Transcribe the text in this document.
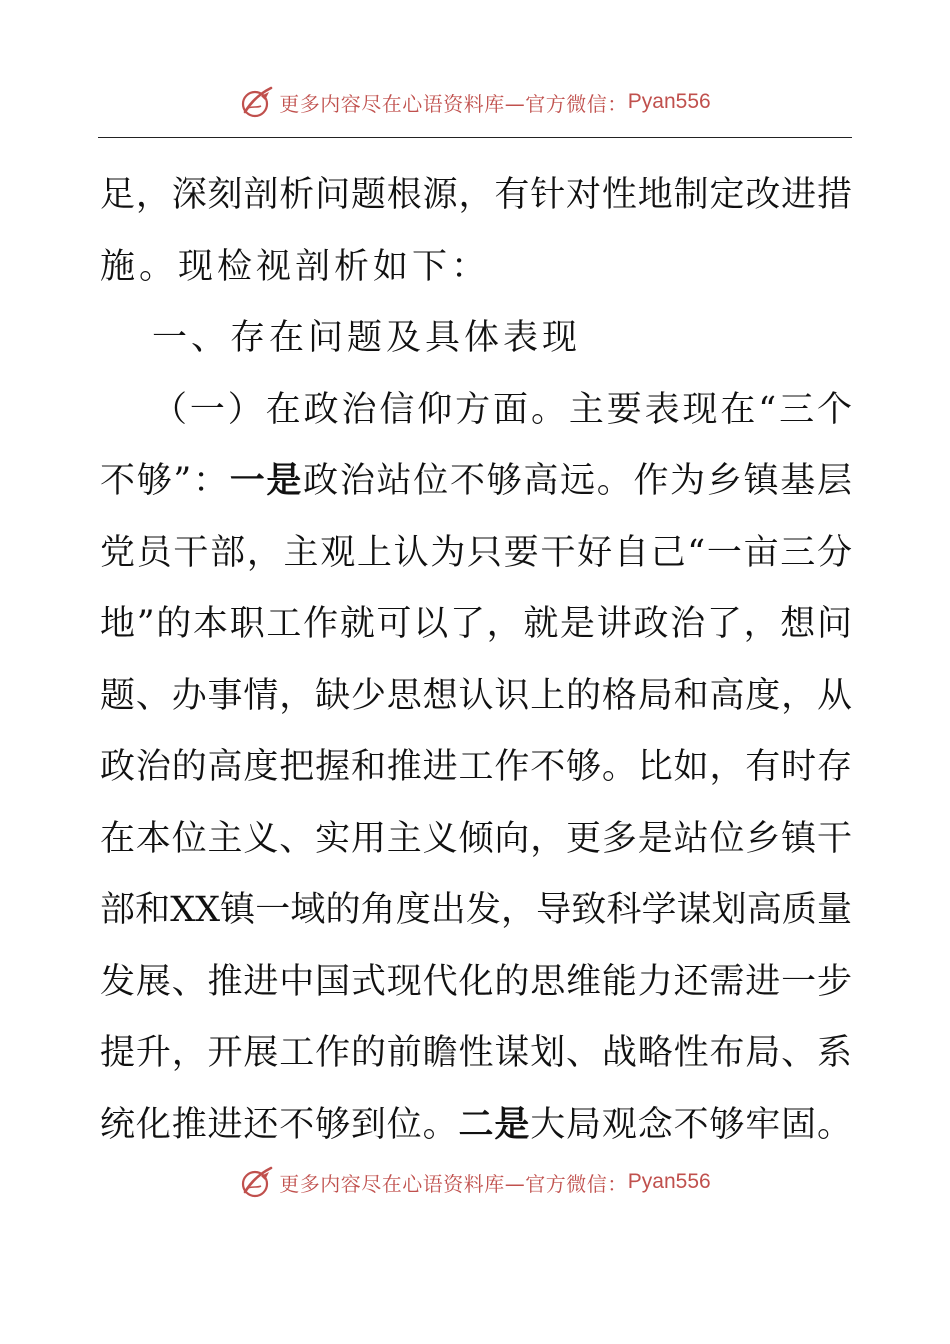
更多内容尽在心语资料库 —官方微信： Pyan556
足，深刻剖析问题根源，有针对性地制定改进措
施。现检视剖析如下：
一、存在问题及具体表现
（一）在政治信仰方面。主要表现在“三个
不够”：一是政治站位不够高远。作为乡镇基层
党员干部，主观上认为只要干好自己“一亩三分
地”的本职工作就可以了，就是讲政治了，想问
题、办事情，缺少思想认识上的格局和高度，从
政治的高度把握和推进工作不够。比如，有时存
在本位主义、实用主义倾向，更多是站位乡镇干
部和XX镇一域的角度出发，导致科学谋划高质量
发展、推进中国式现代化的思维能力还需进一步
提升，开展工作的前瞻性谋划、战略性布局、系
统化推进还不够到位。二是大局观念不够牢固。
更多内容尽在心语资料库 —官方微信： Pyan556
